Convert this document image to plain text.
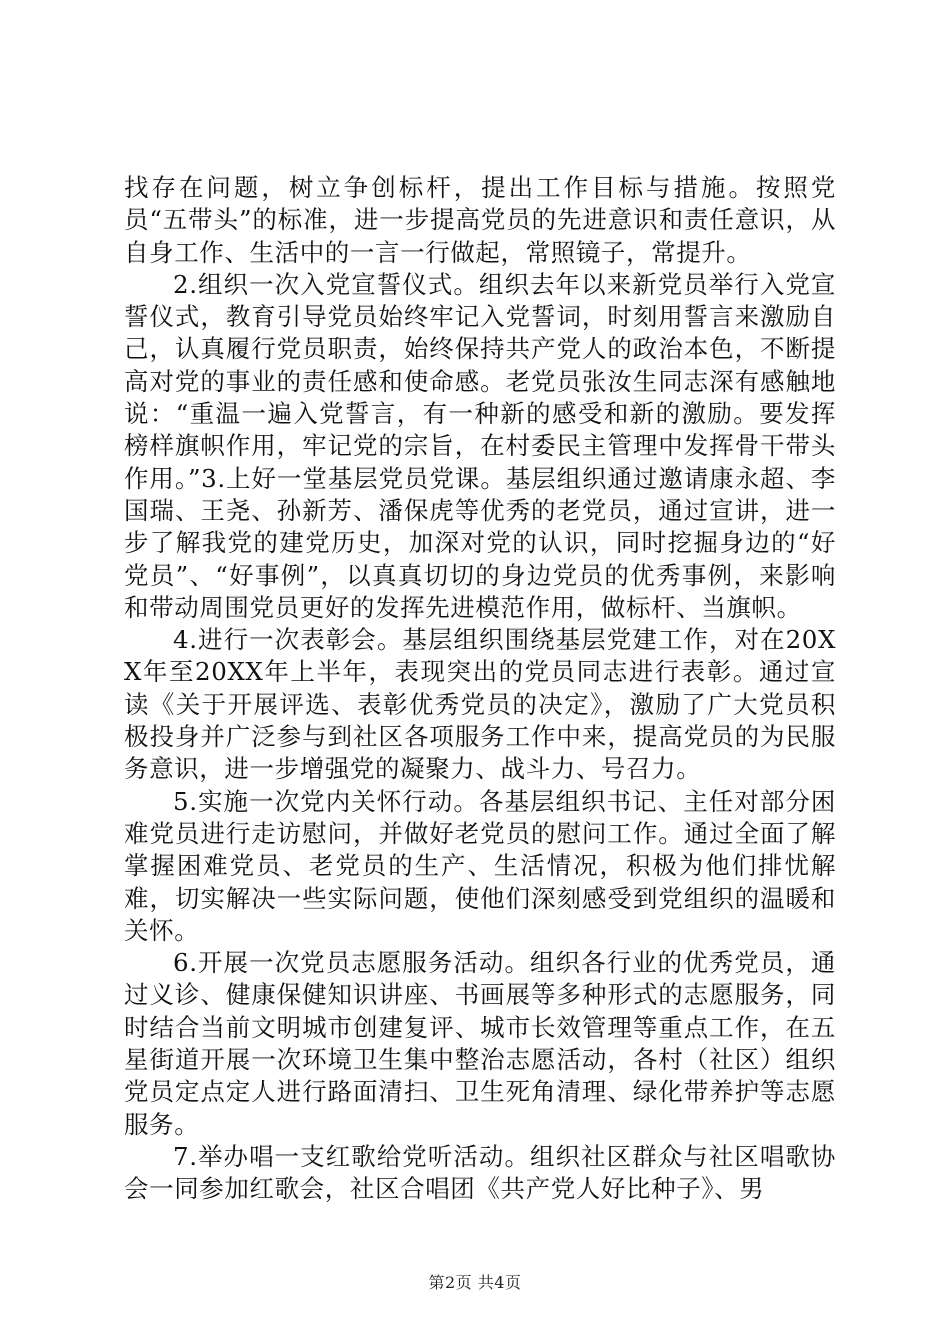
找存在问题，树立争创标杆，提出工作目标与措施。按照党员“五带头”的标准，进一步提高党员的先进意识和责任意识，从自身工作、生活中的一言一行做起，常照镜子，常提升。

2.组织一次入党宣誓仪式。组织去年以来新党员举行入党宣誓仪式，教育引导党员始终牢记入党誓词，时刻用誓言来激励自己，认真履行党员职责，始终保持共产党人的政治本色，不断提高对党的事业的责任感和使命感。老党员张汝生同志深有感触地说：“重温一遍入党誓言，有一种新的感受和新的激励。要发挥榜样旗帜作用，牢记党的宗旨，在村委民主管理中发挥骨干带头作用。”3.上好一堂基层党员党课。基层组织通过邀请康永超、李国瑞、王尧、孙新芳、潘保虎等优秀的老党员，通过宣讲，进一步了解我党的建党历史，加深对党的认识，同时挖掘身边的“好党员”、“好事例”，以真真切切的身边党员的优秀事例，来影响和带动周围党员更好的发挥先进模范作用，做标杆、当旗帜。

4.进行一次表彰会。基层组织围绕基层党建工作，对在20XX年至20XX年上半年，表现突出的党员同志进行表彰。通过宣读《关于开展评选、表彰优秀党员的决定》，激励了广大党员积极投身并广泛参与到社区各项服务工作中来，提高党员的为民服务意识，进一步增强党的凝聚力、战斗力、号召力。

5.实施一次党内关怀行动。各基层组织书记、主任对部分困难党员进行走访慰问，并做好老党员的慰问工作。通过全面了解掌握困难党员、老党员的生产、生活情况，积极为他们排忧解难，切实解决一些实际问题，使他们深刻感受到党组织的温暖和关怀。

6.开展一次党员志愿服务活动。组织各行业的优秀党员，通过义诊、健康保健知识讲座、书画展等多种形式的志愿服务，同时结合当前文明城市创建复评、城市长效管理等重点工作，在五星街道开展一次环境卫生集中整治志愿活动，各村（社区）组织党员定点定人进行路面清扫、卫生死角清理、绿化带养护等志愿服务。

7.举办唱一支红歌给党听活动。组织社区群众与社区唱歌协会一同参加红歌会，社区合唱团《共产党人好比种子》、男

第2页 共4页
